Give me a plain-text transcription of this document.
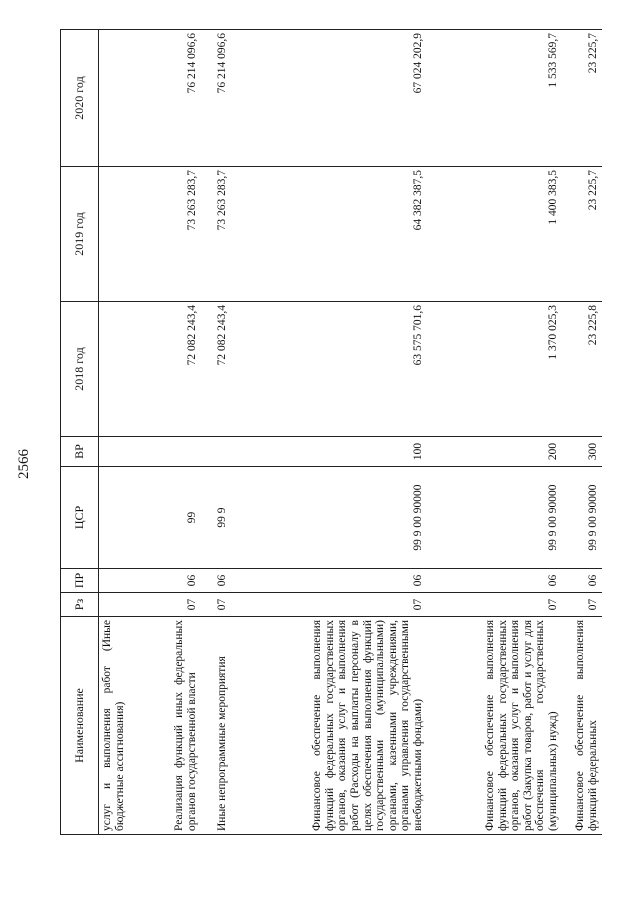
2566
Наименование	Рз	ПР	ЦСР	ВР	2018 год	2019 год	2020 год
услуг и выполнения работ (Иные бюджетные ассигнования)							
Реализация функций иных федеральных органов государственной власти	07	06	99		72 082 243,4	73 263 283,7	76 214 096,6
Иные непрограммные мероприятия	07	06	99 9		72 082 243,4	73 263 283,7	76 214 096,6
Финансовое обеспечение выполнения функций федеральных государственных органов, оказания услуг и выполнения работ (Расходы на выплаты персоналу в целях обеспечения выполнения функций государственными (муниципальными) органами, казенными учреждениями, органами управления государственными внебюджетными фондами)	07	06	99 9 00 90000	100	63 575 701,6	64 382 387,5	67 024 202,9
Финансовое обеспечение выполнения функций федеральных государственных органов, оказания услуг и выполнения работ (Закупка товаров, работ и услуг для обеспечения государственных (муниципальных) нужд)	07	06	99 9 00 90000	200	1 370 025,3	1 400 383,5	1 533 569,7
Финансовое обеспечение выполнения функций федеральных	07	06	99 9 00 90000	300	23 225,8	23 225,7	23 225,7
